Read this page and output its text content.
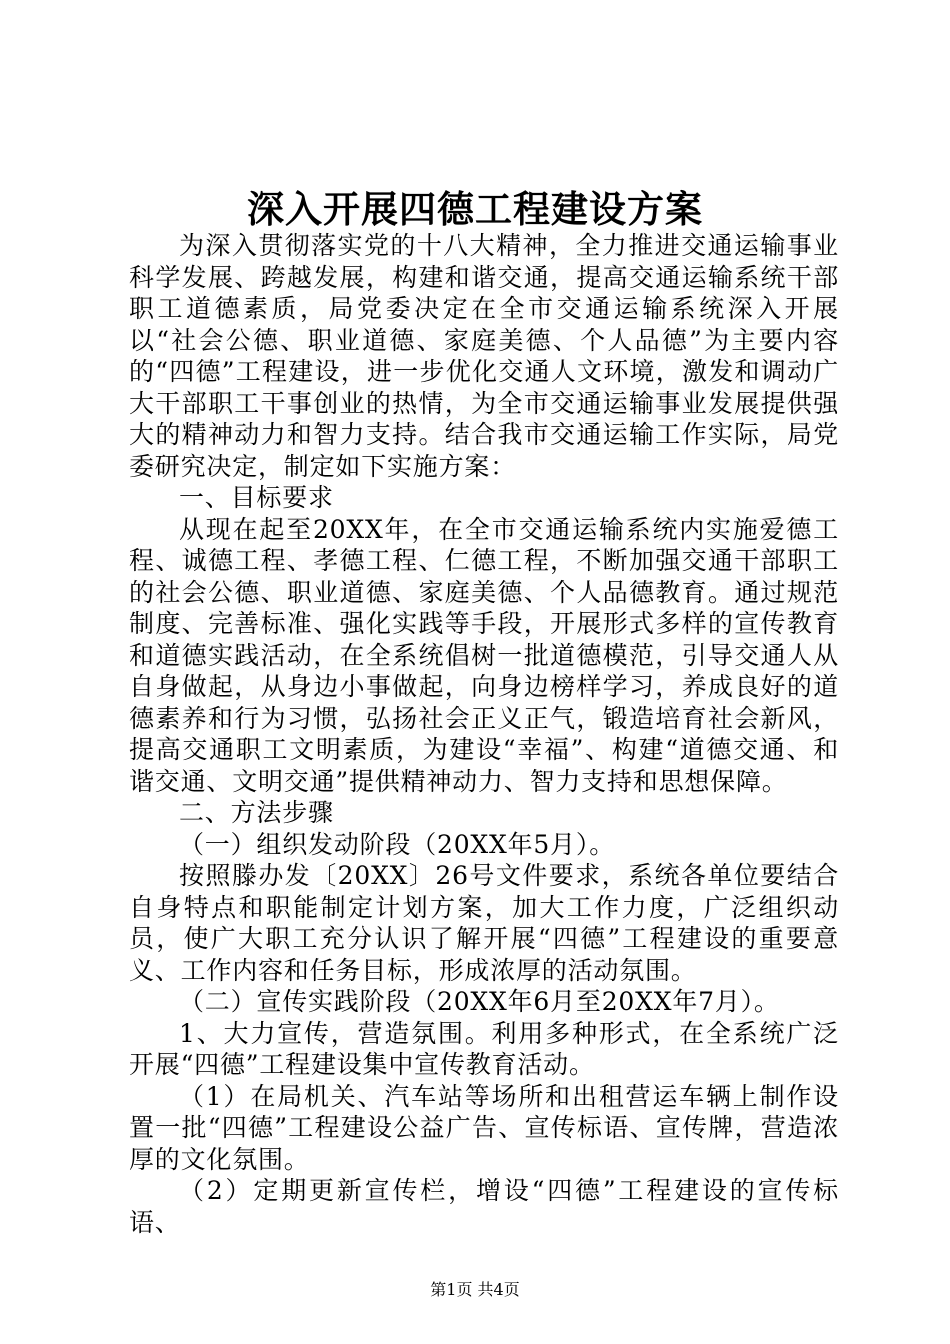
深入开展四德工程建设方案

为深入贯彻落实党的十八大精神，全力推进交通运输事业科学发展、跨越发展，构建和谐交通，提高交通运输系统干部职工道德素质，局党委决定在全市交通运输系统深入开展以“社会公德、职业道德、家庭美德、个人品德”为主要内容的“四德”工程建设，进一步优化交通人文环境，激发和调动广大干部职工干事创业的热情，为全市交通运输事业发展提供强大的精神动力和智力支持。结合我市交通运输工作实际，局党委研究决定，制定如下实施方案：

一、目标要求

从现在起至20XX年，在全市交通运输系统内实施爱德工程、诚德工程、孝德工程、仁德工程，不断加强交通干部职工的社会公德、职业道德、家庭美德、个人品德教育。通过规范制度、完善标准、强化实践等手段，开展形式多样的宣传教育和道德实践活动，在全系统倡树一批道德模范，引导交通人从自身做起，从身边小事做起，向身边榜样学习，养成良好的道德素养和行为习惯，弘扬社会正义正气，锻造培育社会新风，提高交通职工文明素质，为建设“幸福”、构建“道德交通、和谐交通、文明交通”提供精神动力、智力支持和思想保障。

二、方法步骤

（一）组织发动阶段（20XX年5月）。

按照滕办发〔20XX〕26号文件要求，系统各单位要结合自身特点和职能制定计划方案，加大工作力度，广泛组织动员，使广大职工充分认识了解开展“四德”工程建设的重要意义、工作内容和任务目标，形成浓厚的活动氛围。

（二）宣传实践阶段（20XX年6月至20XX年7月）。

1、大力宣传，营造氛围。利用多种形式，在全系统广泛开展“四德”工程建设集中宣传教育活动。

（1）在局机关、汽车站等场所和出租营运车辆上制作设置一批“四德”工程建设公益广告、宣传标语、宣传牌，营造浓厚的文化氛围。

（2）定期更新宣传栏，增设“四德”工程建设的宣传标语、

第1页 共4页
